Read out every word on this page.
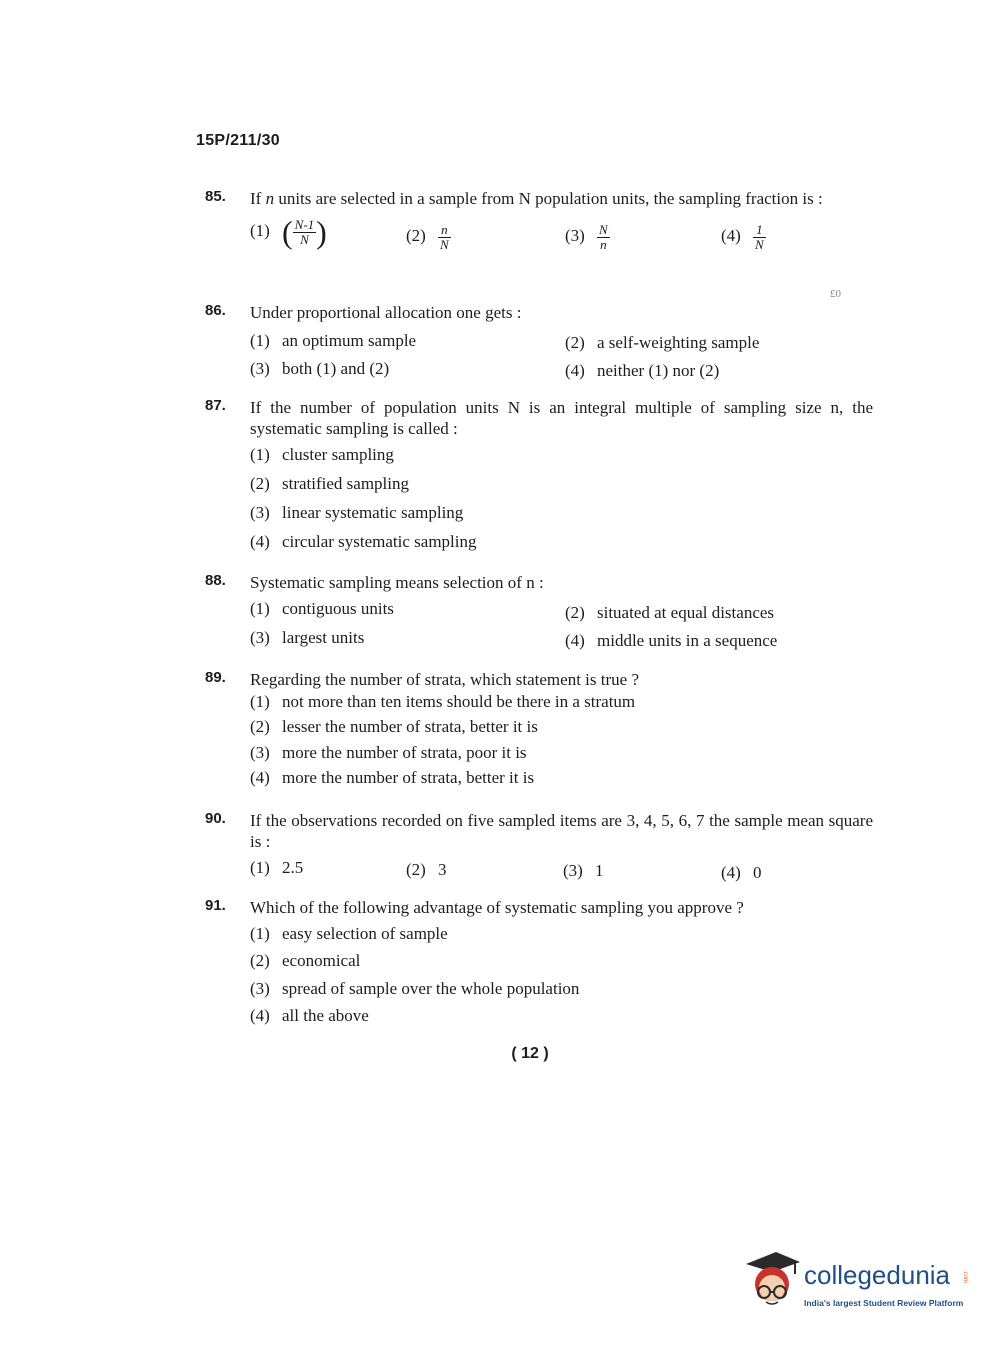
15P/211/30
£0
85. If n units are selected in a sample from N population units, the sampling fraction is :
(1) ( $\frac{N-1}{N}$ )	$(2) \frac{n}{N}$	$(3) \frac{N}{n}$	$(4) \frac{1}{N}$
86. Under proportional allocation one gets :
(1) an optimum sample	(2) a self-weighting sample
(3) both (1) and (2)	(4) neither (1) nor (2)
87. If the number of population units N is an integral multiple of sampling size n, the systematic sampling is called :
(1) cluster sampling
(2) stratified sampling
(3) linear systematic sampling
(4) circular systematic sampling
88. Systematic sampling means selection of n :
(1) contiguous units	(2) situated at equal distances
(3) largest units	(4) middle units in a sequence
89. Regarding the number of strata, which statement is true ?
(1) not more than ten items should be there in a stratum
(2) lesser the number of strata, better it is
(3) more the number of strata, poor it is
(4) more the number of strata, better it is
90. If the observations recorded on five sampled items are 3, 4, 5, 6, 7 the sample mean square is :
(1) 2.5	(2) 3	(3) 1	(4) 0
91. Which of the following advantage of systematic sampling you approve ?
(1) easy selection of sample
(2) economical
(3) spread of sample over the whole population
(4) all the above
( 12 )
collegedunia .com
India's largest Student Review Platform
